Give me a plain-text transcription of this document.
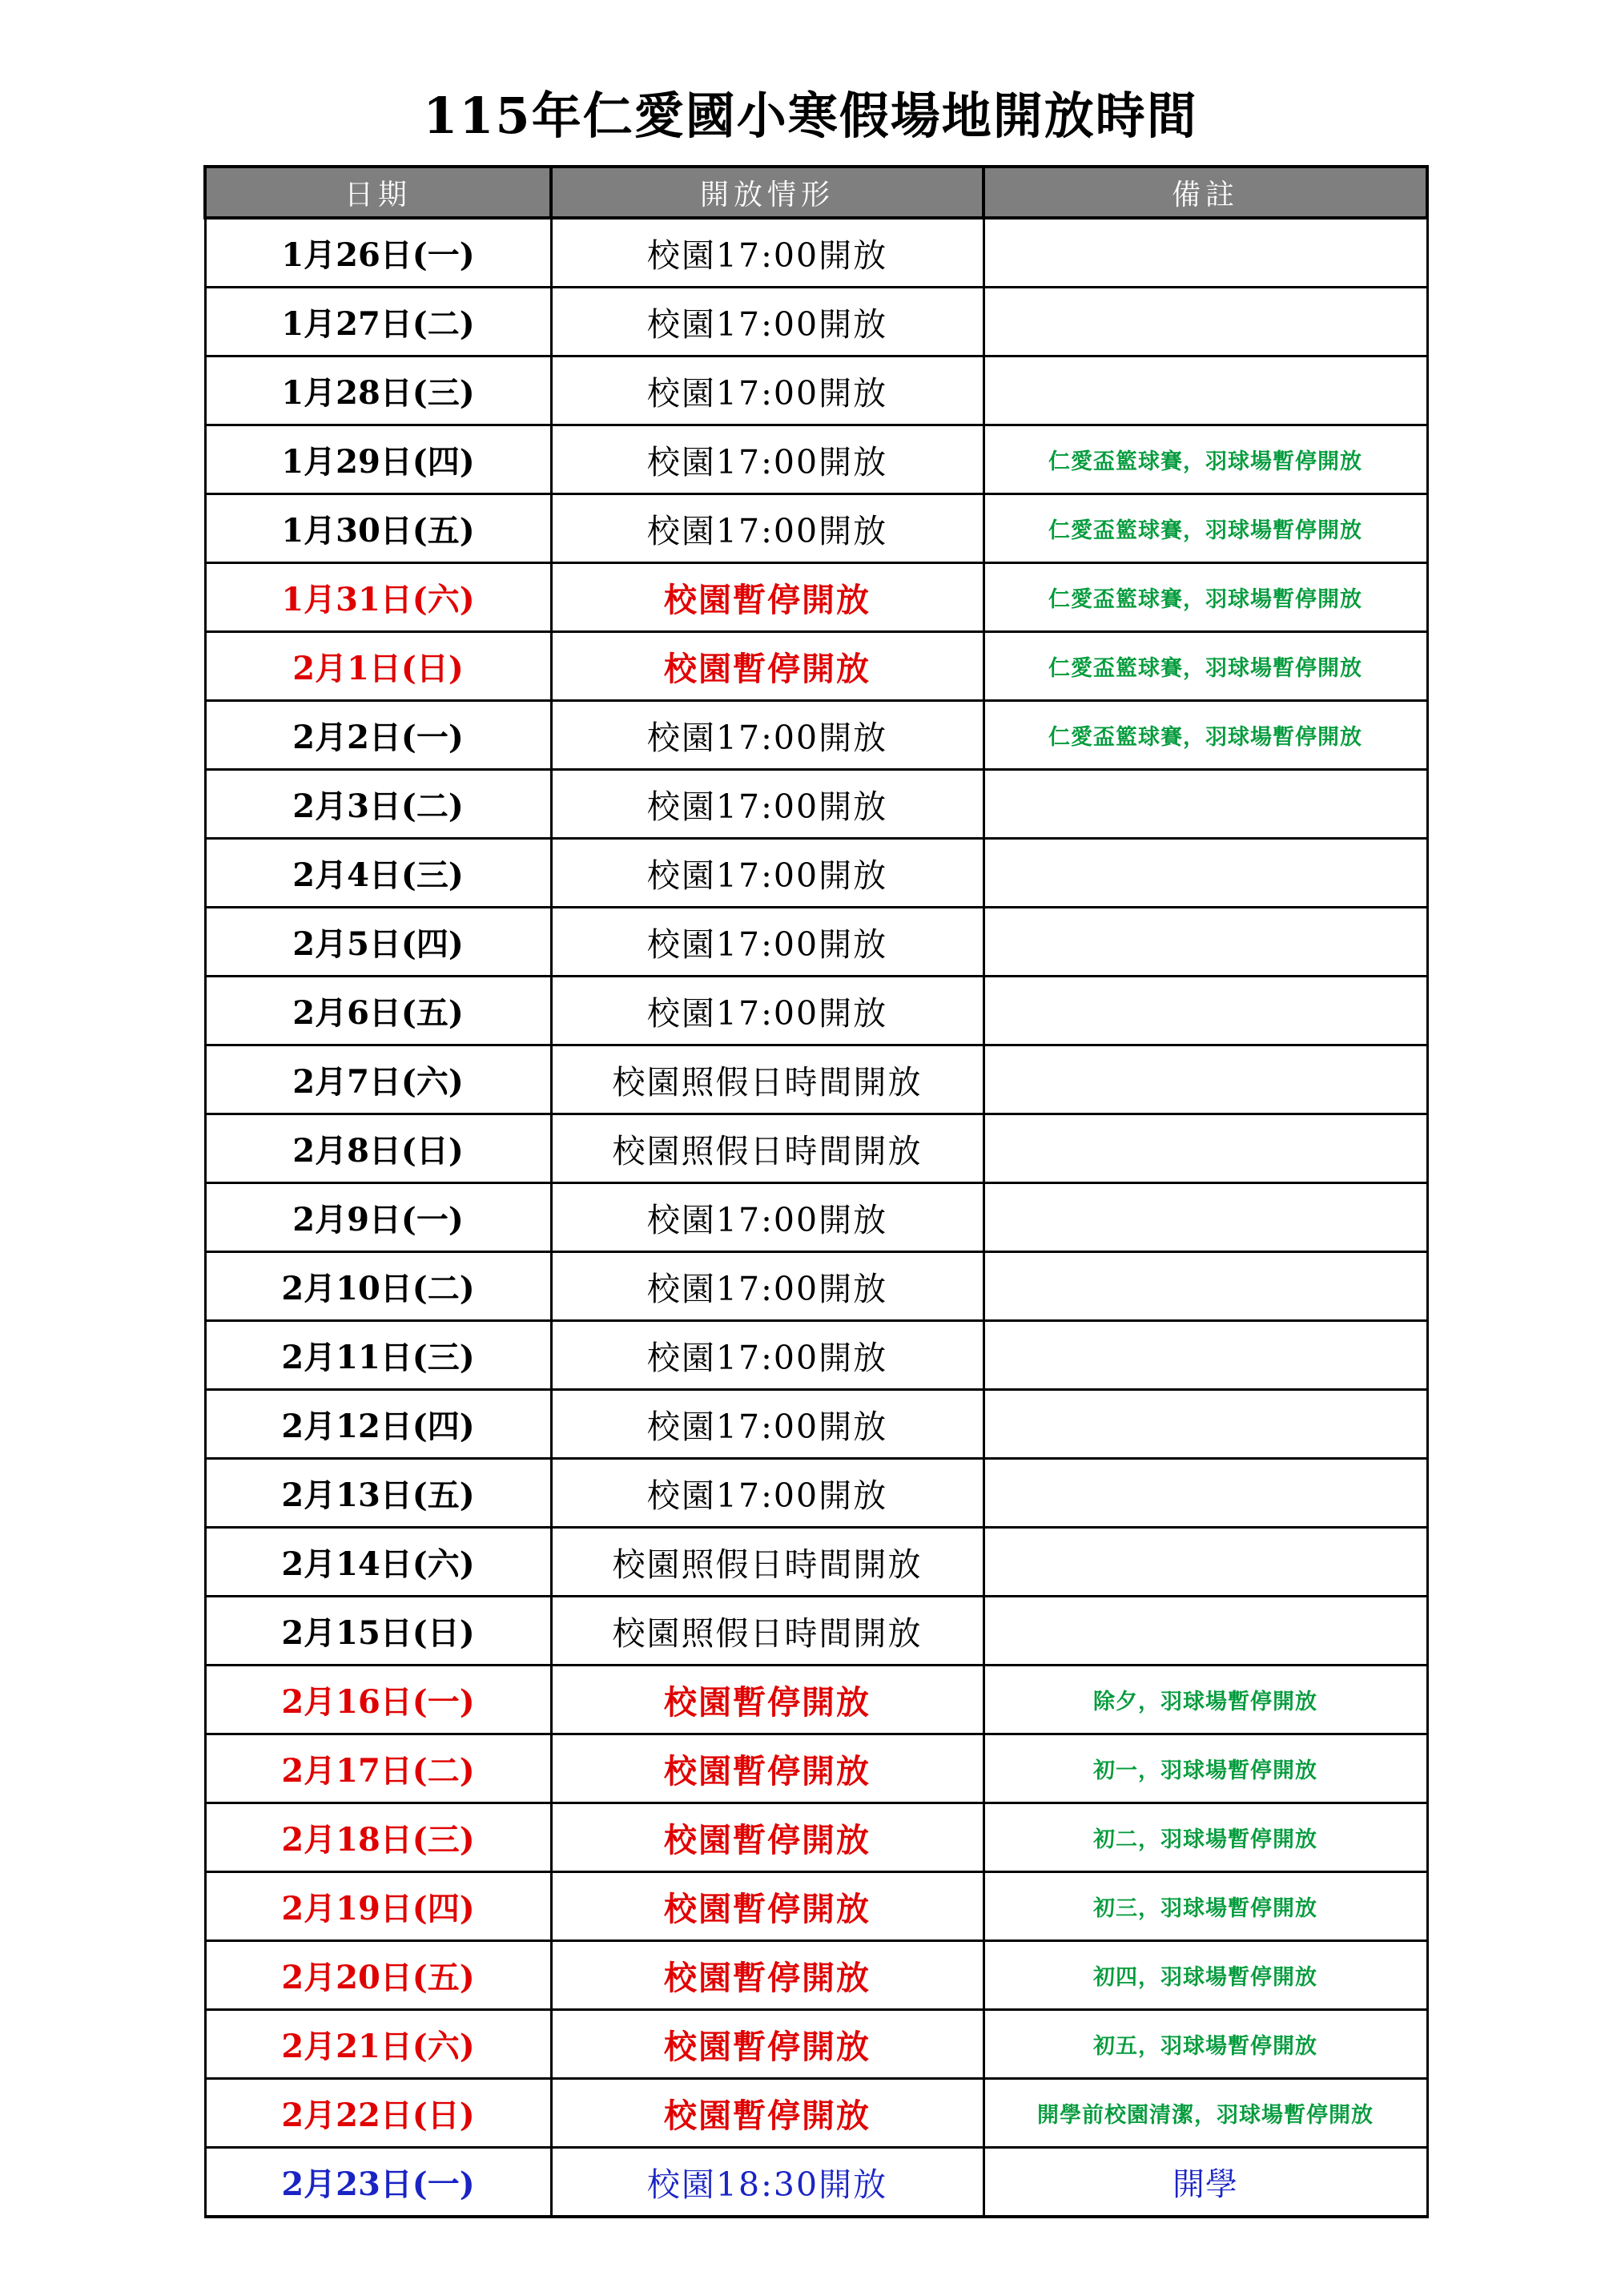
115年仁愛國小寒假場地開放時間
日期	開放情形	備註
1月26日(一)	校園17:00開放	
1月27日(二)	校園17:00開放	
1月28日(三)	校園17:00開放	
1月29日(四)	校園17:00開放	仁愛盃籃球賽，羽球場暫停開放
1月30日(五)	校園17:00開放	仁愛盃籃球賽，羽球場暫停開放
1月31日(六)	校園暫停開放	仁愛盃籃球賽，羽球場暫停開放
2月1日(日)	校園暫停開放	仁愛盃籃球賽，羽球場暫停開放
2月2日(一)	校園17:00開放	仁愛盃籃球賽，羽球場暫停開放
2月3日(二)	校園17:00開放	
2月4日(三)	校園17:00開放	
2月5日(四)	校園17:00開放	
2月6日(五)	校園17:00開放	
2月7日(六)	校園照假日時間開放	
2月8日(日)	校園照假日時間開放	
2月9日(一)	校園17:00開放	
2月10日(二)	校園17:00開放	
2月11日(三)	校園17:00開放	
2月12日(四)	校園17:00開放	
2月13日(五)	校園17:00開放	
2月14日(六)	校園照假日時間開放	
2月15日(日)	校園照假日時間開放	
2月16日(一)	校園暫停開放	除夕，羽球場暫停開放
2月17日(二)	校園暫停開放	初一，羽球場暫停開放
2月18日(三)	校園暫停開放	初二，羽球場暫停開放
2月19日(四)	校園暫停開放	初三，羽球場暫停開放
2月20日(五)	校園暫停開放	初四，羽球場暫停開放
2月21日(六)	校園暫停開放	初五，羽球場暫停開放
2月22日(日)	校園暫停開放	開學前校園清潔，羽球場暫停開放
2月23日(一)	校園18:30開放	開學
